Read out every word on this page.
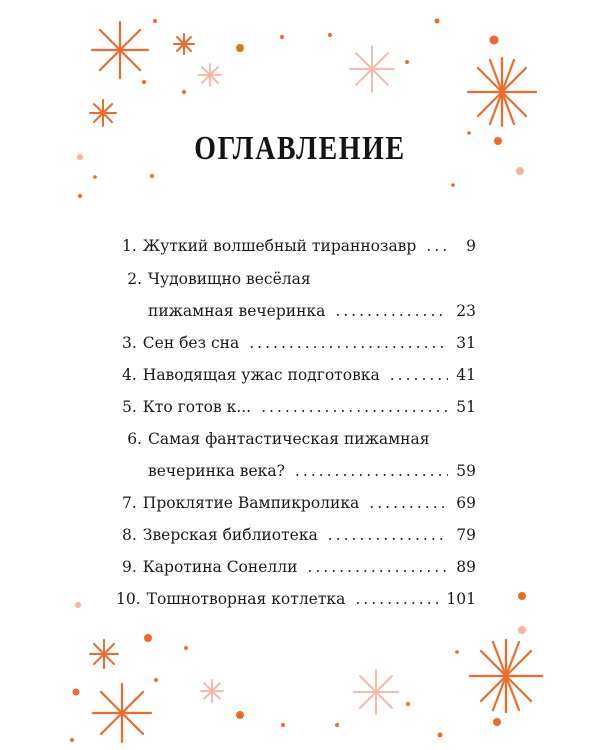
ОГЛАВЛЕНИЕ
1. Жуткий волшебный тираннозавр .....	9
2. Чудовищно весёлая
пижамная вечеринка .....	23
3. Сен без сна .....	31
4. Наводящая ужас подготовка .....	41
5. Кто готов к... .....	51
6. Самая фантастическая пижамная
вечеринка века? .....	59
7. Проклятие Вампикролика .....	69
8. Зверская библиотека .....	79
9. Каротина Сонелли .....	89
10. Тошнотворная котлетка .....	101
